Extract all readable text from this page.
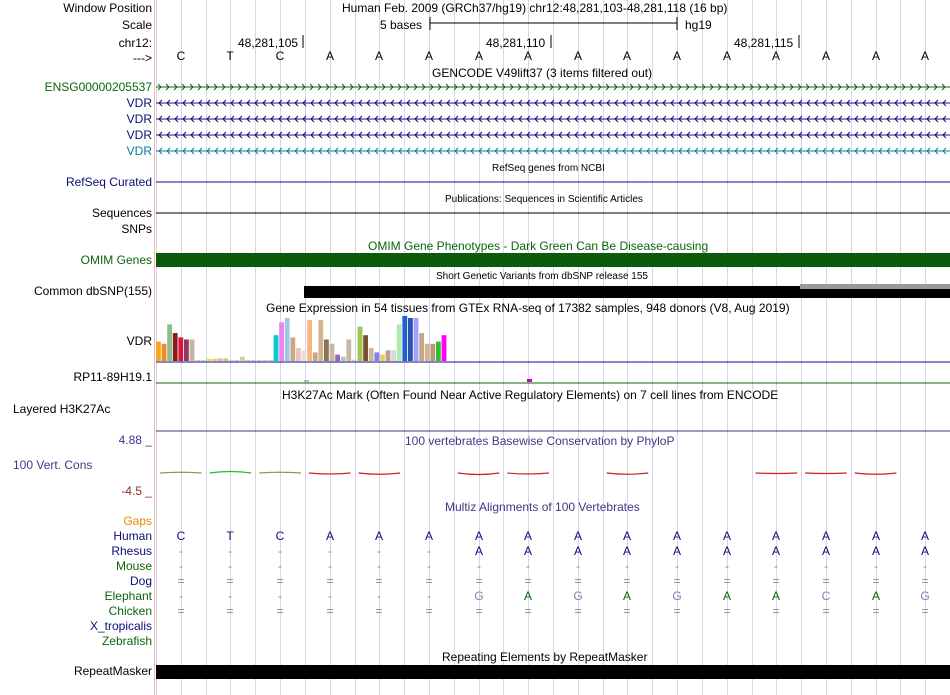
Window Position
Scale
chr12:
--->
ENSG00000205537
VDR
VDR
VDR
VDR
RefSeq Curated
Sequences
SNPs
OMIM Genes
Common dbSNP(155)
VDR
RP11-89H19.1
Layered H3K27Ac
4.88 _
100 Vert. Cons
-4.5 _
Gaps
Human
Rhesus
Mouse
Dog
Elephant
Chicken
X_tropicalis
Zebrafish
RepeatMasker
Human Feb. 2009 (GRCh37/hg19) chr12:48,281,103-48,281,118 (16 bp)
5 bases	hg19
48,281,105	48,281,110	48,281,115
C	T	C	A	A	A	A	A	A	A	A	A	A	A	A	A
GENCODE V49lift37 (3 items filtered out)
RefSeq genes from NCBI
Publications: Sequences in Scientific Articles
OMIM Gene Phenotypes - Dark Green Can Be Disease-causing
Short Genetic Variants from dbSNP release 155
Gene Expression in 54 tissues from GTEx RNA-seq of 17382 samples, 948 donors (V8, Aug 2019)
H3K27Ac Mark (Often Found Near Active Regulatory Elements) on 7 cell lines from ENCODE
100 vertebrates Basewise Conservation by PhyloP
Multiz Alignments of 100 Vertebrates
Repeating Elements by RepeatMasker
C	T	C	A	A	A	A	A	A	A	A	A	A	A	A	A
-	-	-	-	-	-	A	A	A	A	A	A	A	A	A	A
-	-	-	-	-	-	-	-	-	-	-	-	-	-	-	-
=	=	=	=	=	=	=	=	=	=	=	=	=	=	=	=
-	-	-	-	-	-	G	A	G	A	G	A	A	C	A	G
=	=	=	=	=	=	=	=	=	=	=	=	=	=	=	=
